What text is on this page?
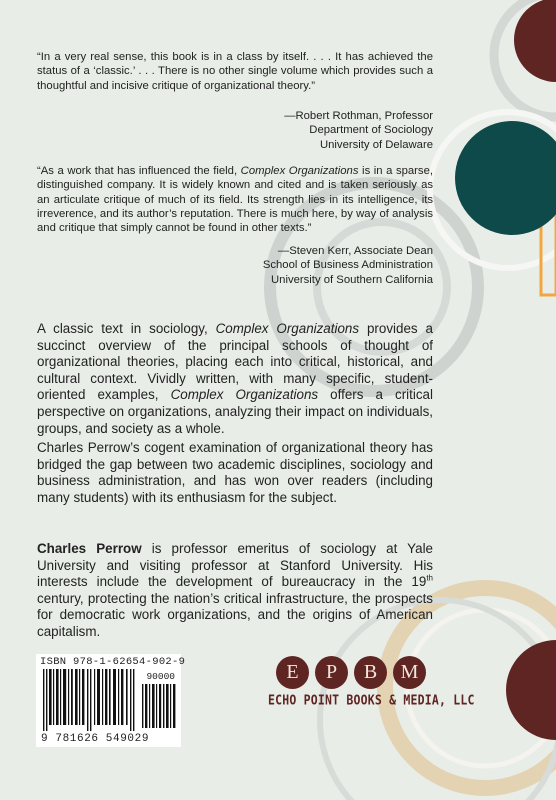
“In a very real sense, this book is in a class by itself. . . . It has achieved the status of a ‘classic.’ . . . There is no other single volume which provides such a thoughtful and incisive critique of organizational theory.”
—Robert Rothman, Professor
Department of Sociology
University of Delaware
“As a work that has influenced the field, Complex Organizations is in a sparse, distinguished company. It is widely known and cited and is taken seriously as an articulate critique of much of its field. Its strength lies in its intelligence, its irreverence, and its author’s reputation. There is much here, by way of analysis and critique that simply cannot be found in other texts.”
—Steven Kerr, Associate Dean
School of Business Administration
University of Southern California
A classic text in sociology, Complex Organizations provides a succinct overview of the principal schools of thought of organizational theories, placing each into critical, historical, and cultural context. Vividly written, with many specific, student-oriented examples, Complex Organizations offers a critical perspective on organizations, analyzing their impact on individuals, groups, and society as a whole.
Charles Perrow’s cogent examination of organizational theory has bridged the gap between two academic disciplines, sociology and business administration, and has won over readers (including many students) with its enthusiasm for the subject.
Charles Perrow is professor emeritus of sociology at Yale University and visiting professor at Stanford University. His interests include the development of bureaucracy in the 19th century, protecting the nation’s critical infrastructure, the prospects for democratic work organizations, and the origins of American capitalism.
ISBN 978-1-62654-902-9
90000
9 781626 549029
E	P	B	M
ECHO POINT BOOKS & MEDIA, LLC
